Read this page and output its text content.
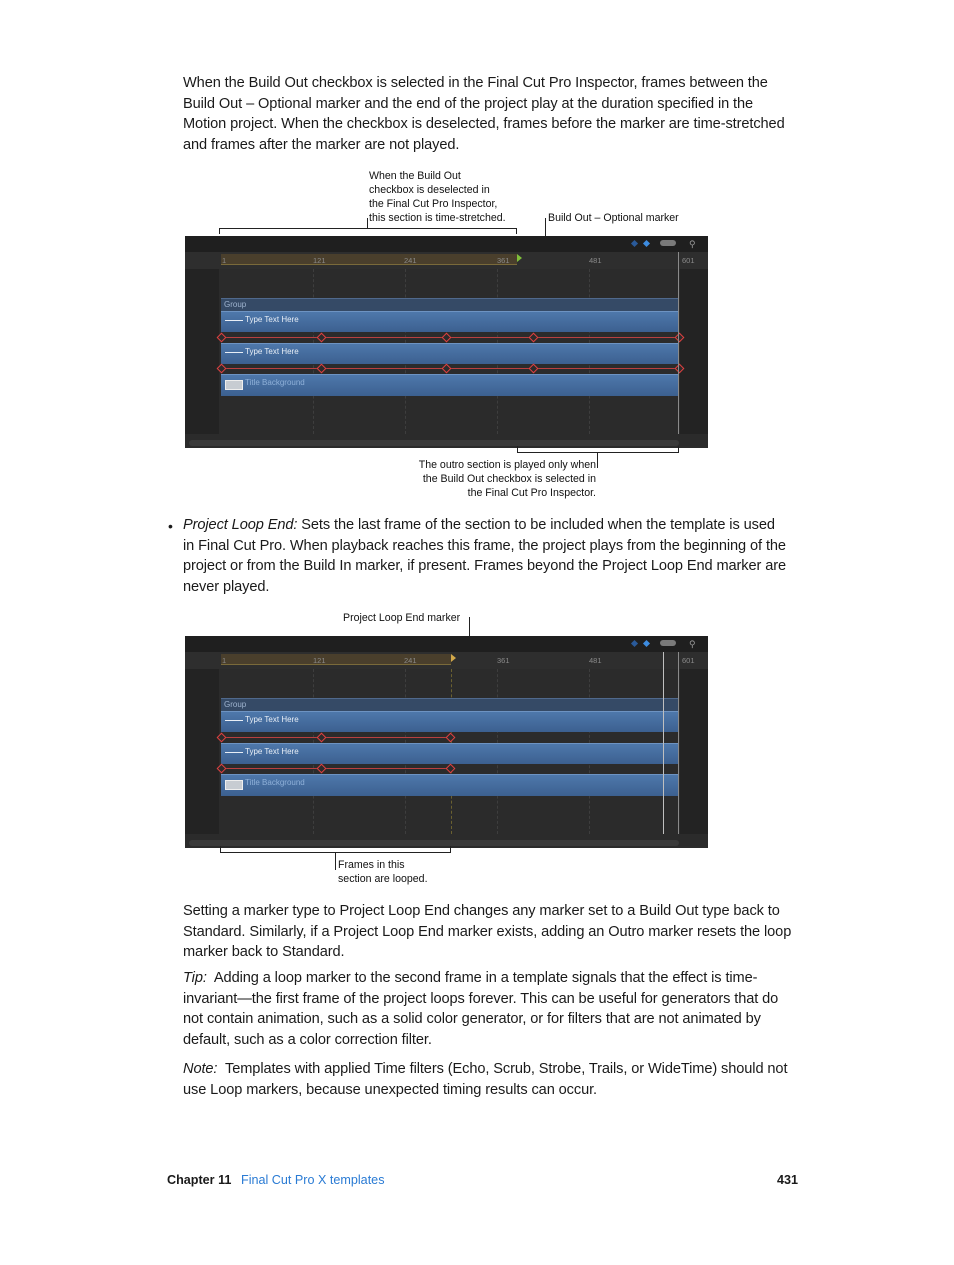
When the Build Out checkbox is selected in the Final Cut Pro Inspector, frames between the
Build Out – Optional marker and the end of the project play at the duration specified in the
Motion project. When the checkbox is deselected, frames before the marker are time-stretched
and frames after the marker are not played.
When the Build Out
checkbox is deselected in
the Final Cut Pro Inspector,
this section is time-stretched.	Build Out – Optional marker
⚲
1	121	241	361	481	601
Group
Type Text Here
Type Text Here
Title Background
The outro section is played only when
the Build Out checkbox is selected in
the Final Cut Pro Inspector.
• Project Loop End: Sets the last frame of the section to be included when the template is used
in Final Cut Pro. When playback reaches this frame, the project plays from the beginning of the
project or from the Build In marker, if present. Frames beyond the Project Loop End marker are
never played.
Project Loop End marker
⚲
1	121	241	361	481	601
Group
Type Text Here
Type Text Here
Title Background
Frames in this
section are looped.
Setting a marker type to Project Loop End changes any marker set to a Build Out type back to
Standard. Similarly, if a Project Loop End marker exists, adding an Outro marker resets the loop
marker back to Standard.
Tip:  Adding a loop marker to the second frame in a template signals that the effect is time-
invariant—the first frame of the project loops forever. This can be useful for generators that do
not contain animation, such as a solid color generator, or for filters that are not animated by
default, such as a color correction filter.
Note:  Templates with applied Time filters (Echo, Scrub, Strobe, Trails, or WideTime) should not
use Loop markers, because unexpected timing results can occur.
Chapter 11 Final Cut Pro X templates	431
